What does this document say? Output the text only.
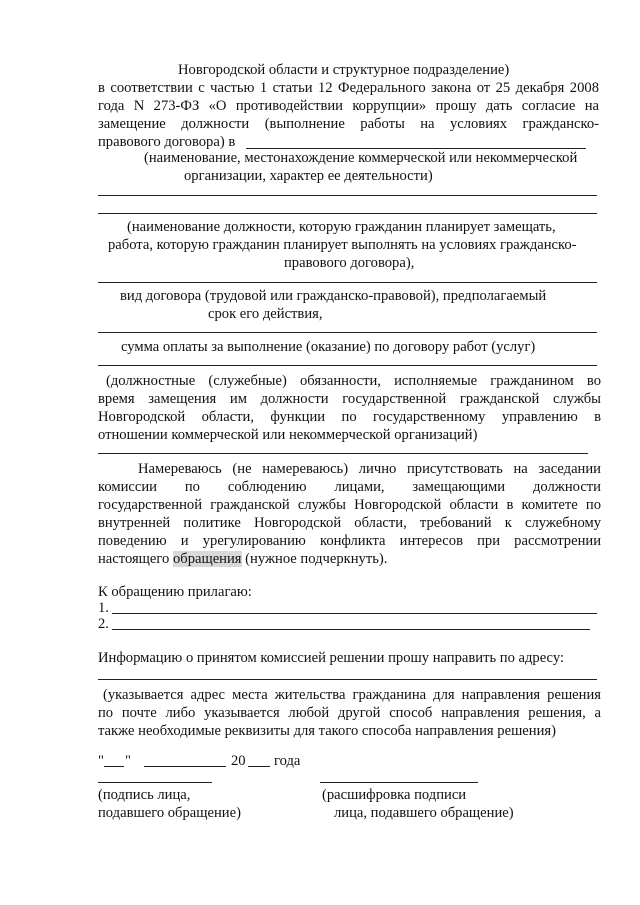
Новгородской области и структурное подразделение)
в соответствии с частью 1 статьи 12 Федерального закона от 25 декабря 2008
года N 273-ФЗ «О противодействии коррупции» прошу дать согласие на
замещение должности (выполнение работы на условиях гражданско-
правового договора) в
(наименование, местонахождение коммерческой или некоммерческой
организации, характер ее деятельности)
(наименование должности, которую гражданин планирует замещать,
работа, которую гражданин планирует выполнять на условиях гражданско-
правового договора),
вид договора (трудовой или гражданско-правовой), предполагаемый
срок его действия,
сумма оплаты за выполнение (оказание) по договору работ (услуг)
(должностные (служебные) обязанности, исполняемые гражданином во
время замещения им должности государственной гражданской службы
Новгородской области, функции по государственному управлению в
отношении коммерческой или некоммерческой организаций)
Намереваюсь (не намереваюсь) лично присутствовать на заседании
комиссии по соблюдению лицами, замещающими должности
государственной гражданской службы Новгородской области в комитете по
внутренней политике Новгородской области, требований к служебному
поведению и урегулированию конфликта интересов при рассмотрении
настоящего обращения (нужное подчеркнуть).
К обращению прилагаю:
1.
2.
Информацию о принятом комиссией решении прошу направить по адресу:
(указывается адрес места жительства гражданина для направления решения
по почте либо указывается любой другой способ направления решения, а
также необходимые реквизиты для такого способа направления решения)
" "	20 года
(подпись лица,
подавшего обращение)
(расшифровка подписи
лица, подавшего обращение)
